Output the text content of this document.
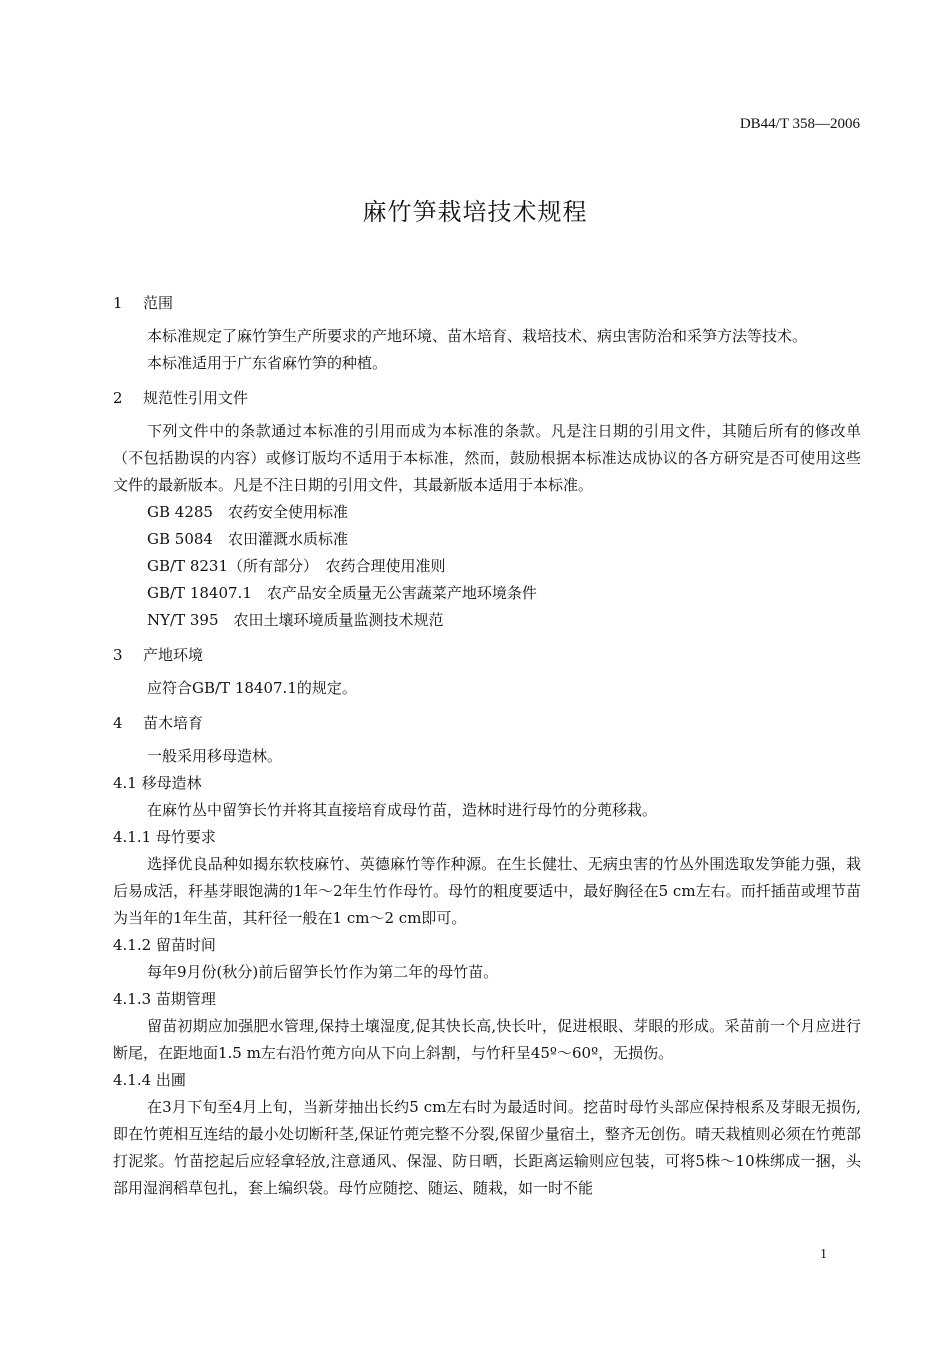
DB44/T 358—2006
麻竹笋栽培技术规程
1 范围

本标准规定了麻竹笋生产所要求的产地环境、苗木培育、栽培技术、病虫害防治和采笋方法等技术。

本标准适用于广东省麻竹笋的种植。

2 规范性引用文件

下列文件中的条款通过本标准的引用而成为本标准的条款。凡是注日期的引用文件，其随后所有的修改单（不包括勘误的内容）或修订版均不适用于本标准，然而，鼓励根据本标准达成协议的各方研究是否可使用这些文件的最新版本。凡是不注日期的引用文件，其最新版本适用于本标准。

GB 4285　农药安全使用标准

GB 5084　农田灌溉水质标准

GB/T 8231（所有部分）　农药合理使用准则

GB/T 18407.1　农产品安全质量无公害蔬菜产地环境条件

NY/T 395　农田土壤环境质量监测技术规范

3 产地环境

应符合GB/T 18407.1的规定。

4 苗木培育

一般采用移母造林。

4.1 移母造林

在麻竹丛中留笋长竹并将其直接培育成母竹苗，造林时进行母竹的分蔸移栽。

4.1.1 母竹要求

选择优良品种如揭东软枝麻竹、英德麻竹等作种源。在生长健壮、无病虫害的竹丛外围选取发笋能力强，栽后易成活，秆基芽眼饱满的1年～2年生竹作母竹。母竹的粗度要适中，最好胸径在5 cm左右。而扦插苗或埋节苗为当年的1年生苗，其秆径一般在1 cm～2 cm即可。

4.1.2 留苗时间

每年9月份(秋分)前后留笋长竹作为第二年的母竹苗。

4.1.3 苗期管理

留苗初期应加强肥水管理,保持土壤湿度,促其快长高,快长叶，促进根眼、芽眼的形成。采苗前一个月应进行断尾，在距地面1.5 m左右沿竹蔸方向从下向上斜割，与竹秆呈45º～60º，无损伤。

4.1.4 出圃

在3月下旬至4月上旬，当新芽抽出长约5 cm左右时为最适时间。挖苗时母竹头部应保持根系及芽眼无损伤,即在竹蔸相互连结的最小处切断秆茎,保证竹蔸完整不分裂,保留少量宿土，整齐无创伤。晴天栽植则必须在竹蔸部打泥浆。竹苗挖起后应轻拿轻放,注意通风、保湿、防日晒，长距离运输则应包装，可将5株～10株绑成一捆，头部用湿润稻草包扎，套上编织袋。母竹应随挖、随运、随栽，如一时不能

1
